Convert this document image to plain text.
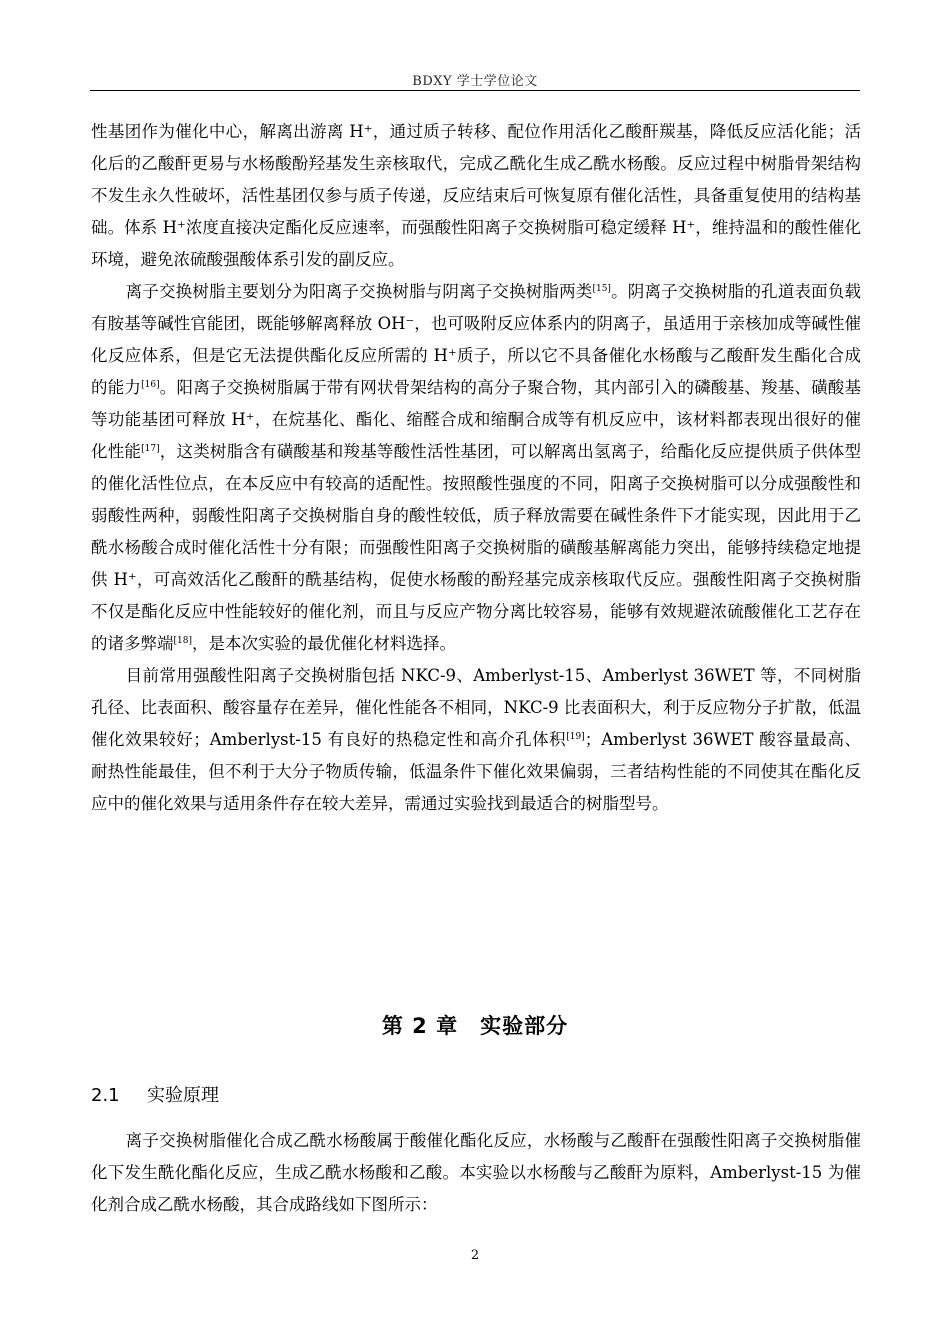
BDXY 学士学位论文

性基团作为催化中心，解离出游离 H⁺，通过质子转移、配位作用活化乙酸酐羰基，降低反应活化能；活化后的乙酸酐更易与水杨酸酚羟基发生亲核取代，完成乙酰化生成乙酰水杨酸。反应过程中树脂骨架结构不发生永久性破坏，活性基团仅参与质子传递，反应结束后可恢复原有催化活性，具备重复使用的结构基础。体系 H⁺浓度直接决定酯化反应速率，而强酸性阳离子交换树脂可稳定缓释 H⁺，维持温和的酸性催化环境，避免浓硫酸强酸体系引发的副反应。

离子交换树脂主要划分为阳离子交换树脂与阴离子交换树脂两类[15]。阴离子交换树脂的孔道表面负载有胺基等碱性官能团，既能够解离释放 OH⁻，也可吸附反应体系内的阴离子，虽适用于亲核加成等碱性催化反应体系，但是它无法提供酯化反应所需的 H⁺质子，所以它不具备催化水杨酸与乙酸酐发生酯化合成的能力[16]。阳离子交换树脂属于带有网状骨架结构的高分子聚合物，其内部引入的磷酸基、羧基、磺酸基等功能基团可释放 H⁺，在烷基化、酯化、缩醛合成和缩酮合成等有机反应中，该材料都表现出很好的催化性能[17]，这类树脂含有磺酸基和羧基等酸性活性基团，可以解离出氢离子，给酯化反应提供质子供体型的催化活性位点，在本反应中有较高的适配性。按照酸性强度的不同，阳离子交换树脂可以分成强酸性和弱酸性两种，弱酸性阳离子交换树脂自身的酸性较低，质子释放需要在碱性条件下才能实现，因此用于乙酰水杨酸合成时催化活性十分有限；而强酸性阳离子交换树脂的磺酸基解离能力突出，能够持续稳定地提供 H⁺，可高效活化乙酸酐的酰基结构，促使水杨酸的酚羟基完成亲核取代反应。强酸性阳离子交换树脂不仅是酯化反应中性能较好的催化剂，而且与反应产物分离比较容易，能够有效规避浓硫酸催化工艺存在的诸多弊端[18]，是本次实验的最优催化材料选择。

目前常用强酸性阳离子交换树脂包括 NKC-9、Amberlyst-15、Amberlyst 36WET 等，不同树脂孔径、比表面积、酸容量存在差异，催化性能各不相同，NKC-9 比表面积大，利于反应物分子扩散，低温催化效果较好；Amberlyst-15 有良好的热稳定性和高介孔体积[19]；Amberlyst 36WET 酸容量最高、耐热性能最佳，但不利于大分子物质传输，低温条件下催化效果偏弱，三者结构性能的不同使其在酯化反应中的催化效果与适用条件存在较大差异，需通过实验找到最适合的树脂型号。

第 2 章　实验部分
2.1 实验原理

离子交换树脂催化合成乙酰水杨酸属于酸催化酯化反应，水杨酸与乙酸酐在强酸性阳离子交换树脂催化下发生酰化酯化反应，生成乙酰水杨酸和乙酸。本实验以水杨酸与乙酸酐为原料，Amberlyst-15 为催化剂合成乙酰水杨酸，其合成路线如下图所示：

2
